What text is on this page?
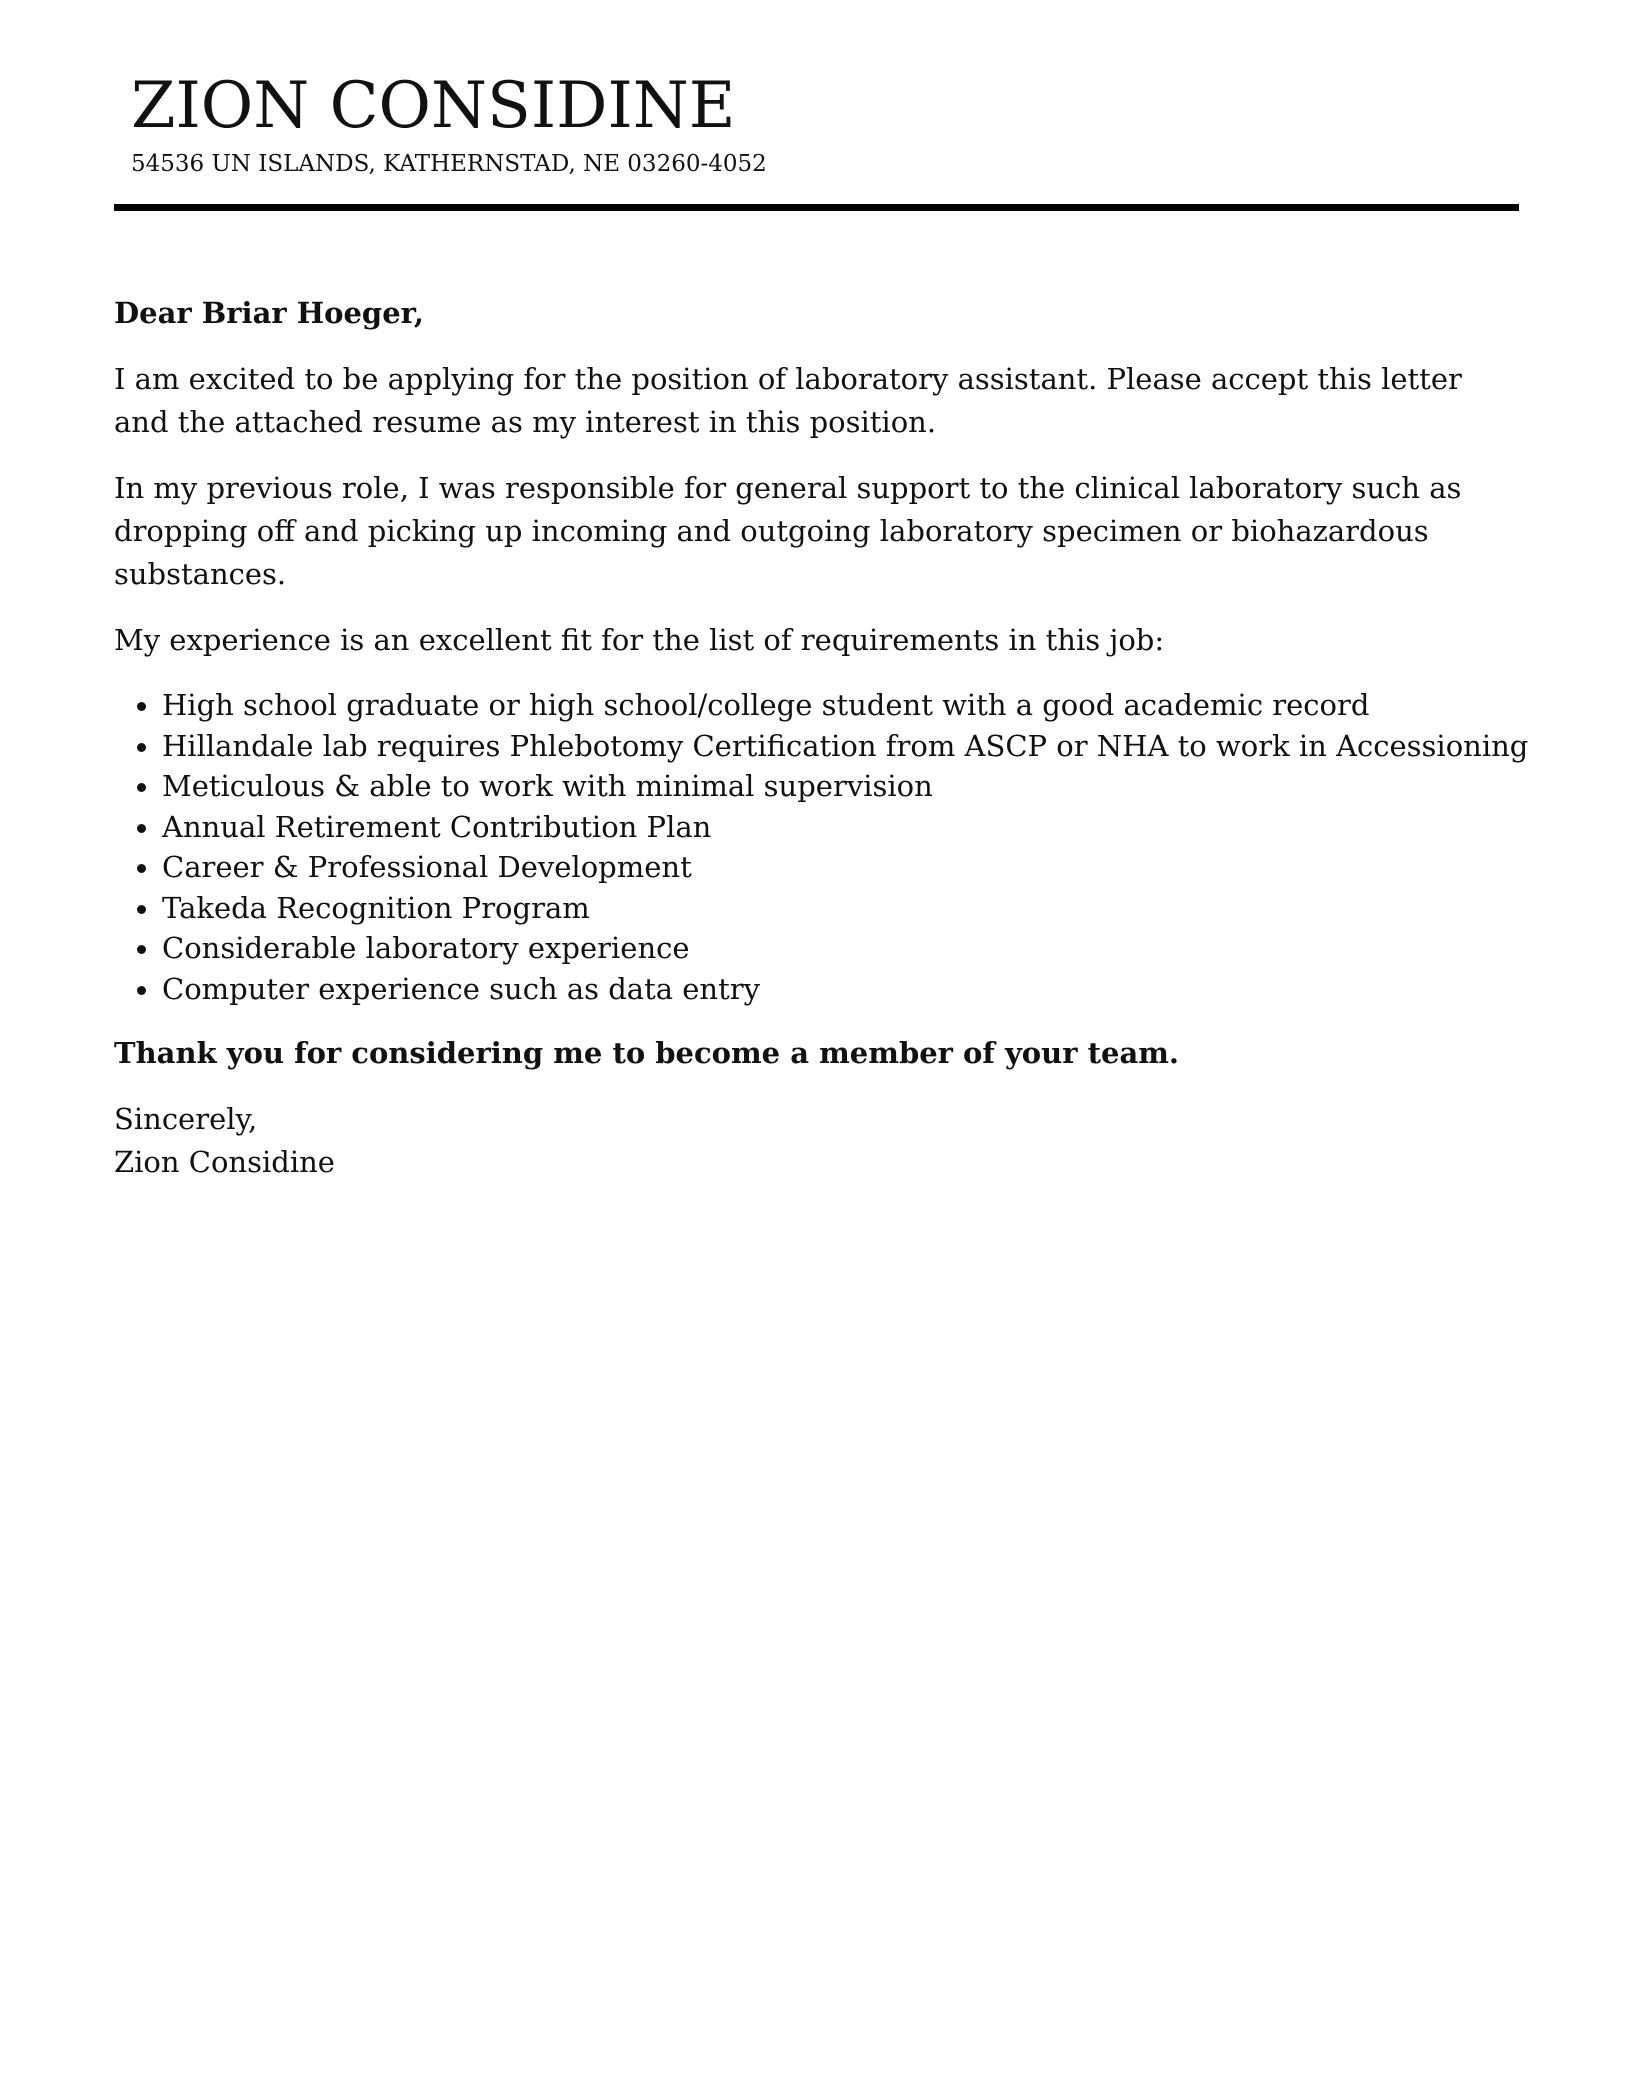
ZION CONSIDINE

54536 UN ISLANDS, KATHERNSTAD, NE 03260-4052

Dear Briar Hoeger,

I am excited to be applying for the position of laboratory assistant. Please accept this letter and the attached resume as my interest in this position.

In my previous role, I was responsible for general support to the clinical laboratory such as dropping off and picking up incoming and outgoing laboratory specimen or biohazardous substances.

My experience is an excellent fit for the list of requirements in this job:

High school graduate or high school/college student with a good academic record
Hillandale lab requires Phlebotomy Certification from ASCP or NHA to work in Accessioning
Meticulous & able to work with minimal supervision
Annual Retirement Contribution Plan
Career & Professional Development
Takeda Recognition Program
Considerable laboratory experience
Computer experience such as data entry

Thank you for considering me to become a member of your team.

Sincerely,
Zion Considine
